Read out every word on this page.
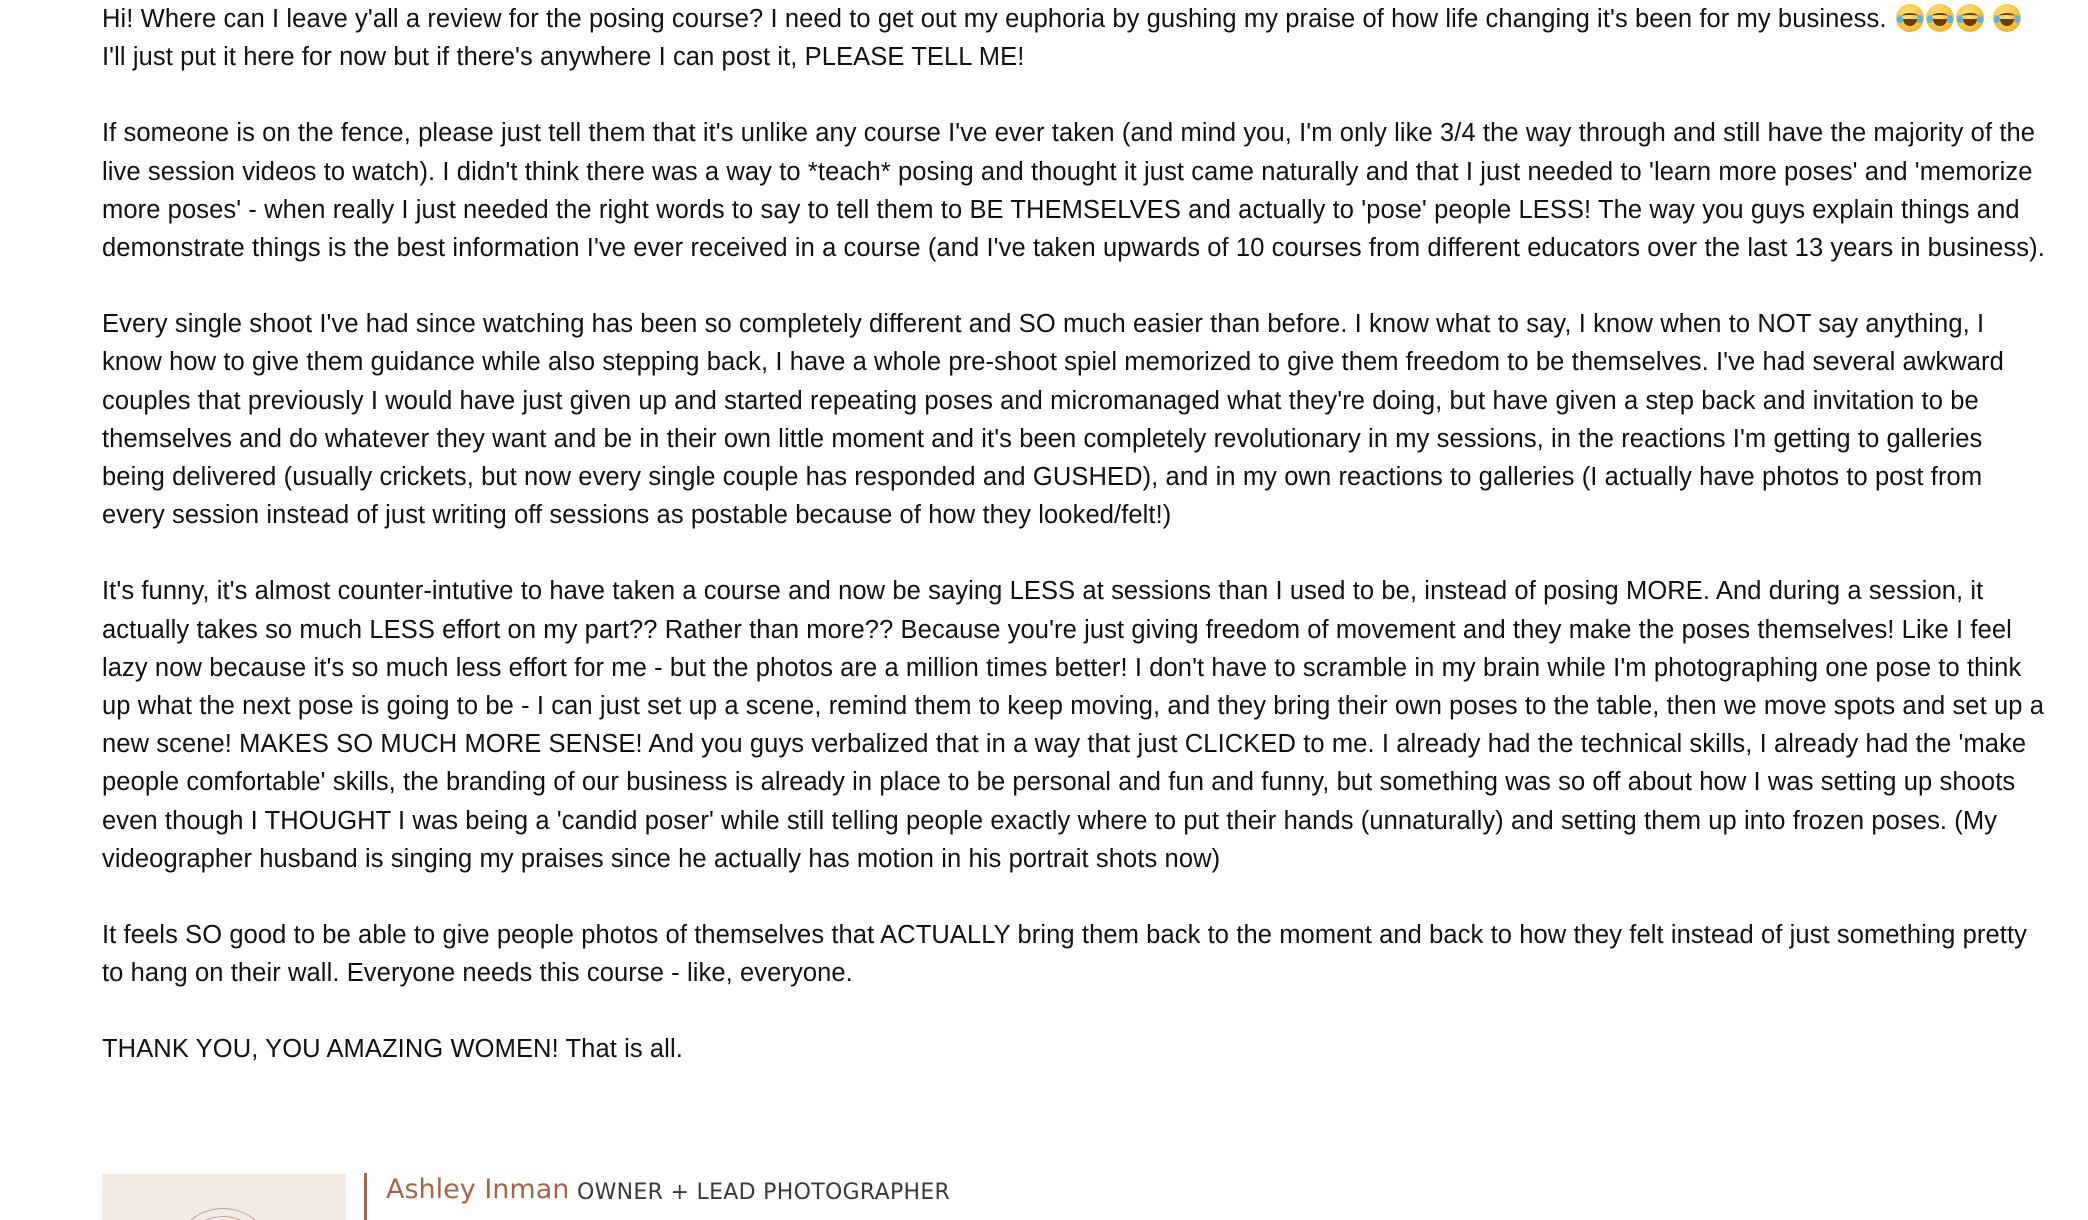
Hi! Where can I leave y'all a review for the posing course? I need to get out my euphoria by gushing my praise of how life changing it's been for my business.

I'll just put it here for now but if there's anywhere I can post it, PLEASE TELL ME!

If someone is on the fence, please just tell them that it's unlike any course I've ever taken (and mind you, I'm only like 3/4 the way through and still have the majority of the live session videos to watch). I didn't think there was a way to *teach* posing and thought it just came naturally and that I just needed to 'learn more poses' and 'memorize more poses' - when really I just needed the right words to say to tell them to BE THEMSELVES and actually to 'pose' people LESS! The way you guys explain things and demonstrate things is the best information I've ever received in a course (and I've taken upwards of 10 courses from different educators over the last 13 years in business).

Every single shoot I've had since watching has been so completely different and SO much easier than before. I know what to say, I know when to NOT say anything, I know how to give them guidance while also stepping back, I have a whole pre-shoot spiel memorized to give them freedom to be themselves. I've had several awkward couples that previously I would have just given up and started repeating poses and micromanaged what they're doing, but have given a step back and invitation to be themselves and do whatever they want and be in their own little moment and it's been completely revolutionary in my sessions, in the reactions I'm getting to galleries being delivered (usually crickets, but now every single couple has responded and GUSHED), and in my own reactions to galleries (I actually have photos to post from every session instead of just writing off sessions as postable because of how they looked/felt!)

It's funny, it's almost counter-intutive to have taken a course and now be saying LESS at sessions than I used to be, instead of posing MORE. And during a session, it actually takes so much LESS effort on my part?? Rather than more?? Because you're just giving freedom of movement and they make the poses themselves! Like I feel lazy now because it's so much less effort for me - but the photos are a million times better! I don't have to scramble in my brain while I'm photographing one pose to think up what the next pose is going to be - I can just set up a scene, remind them to keep moving, and they bring their own poses to the table, then we move spots and set up a new scene! MAKES SO MUCH MORE SENSE! And you guys verbalized that in a way that just CLICKED to me. I already had the technical skills, I already had the 'make people comfortable' skills, the branding of our business is already in place to be personal and fun and funny, but something was so off about how I was setting up shoots even though I THOUGHT I was being a 'candid poser' while still telling people exactly where to put their hands (unnaturally) and setting them up into frozen poses. (My videographer husband is singing my praises since he actually has motion in his portrait shots now)

It feels SO good to be able to give people photos of themselves that ACTUALLY bring them back to the moment and back to how they felt instead of just something pretty to hang on their wall. Everyone needs this course - like, everyone.

THANK YOU, YOU AMAZING WOMEN! That is all.

Ashley Inman OWNER + LEAD PHOTOGRAPHER
